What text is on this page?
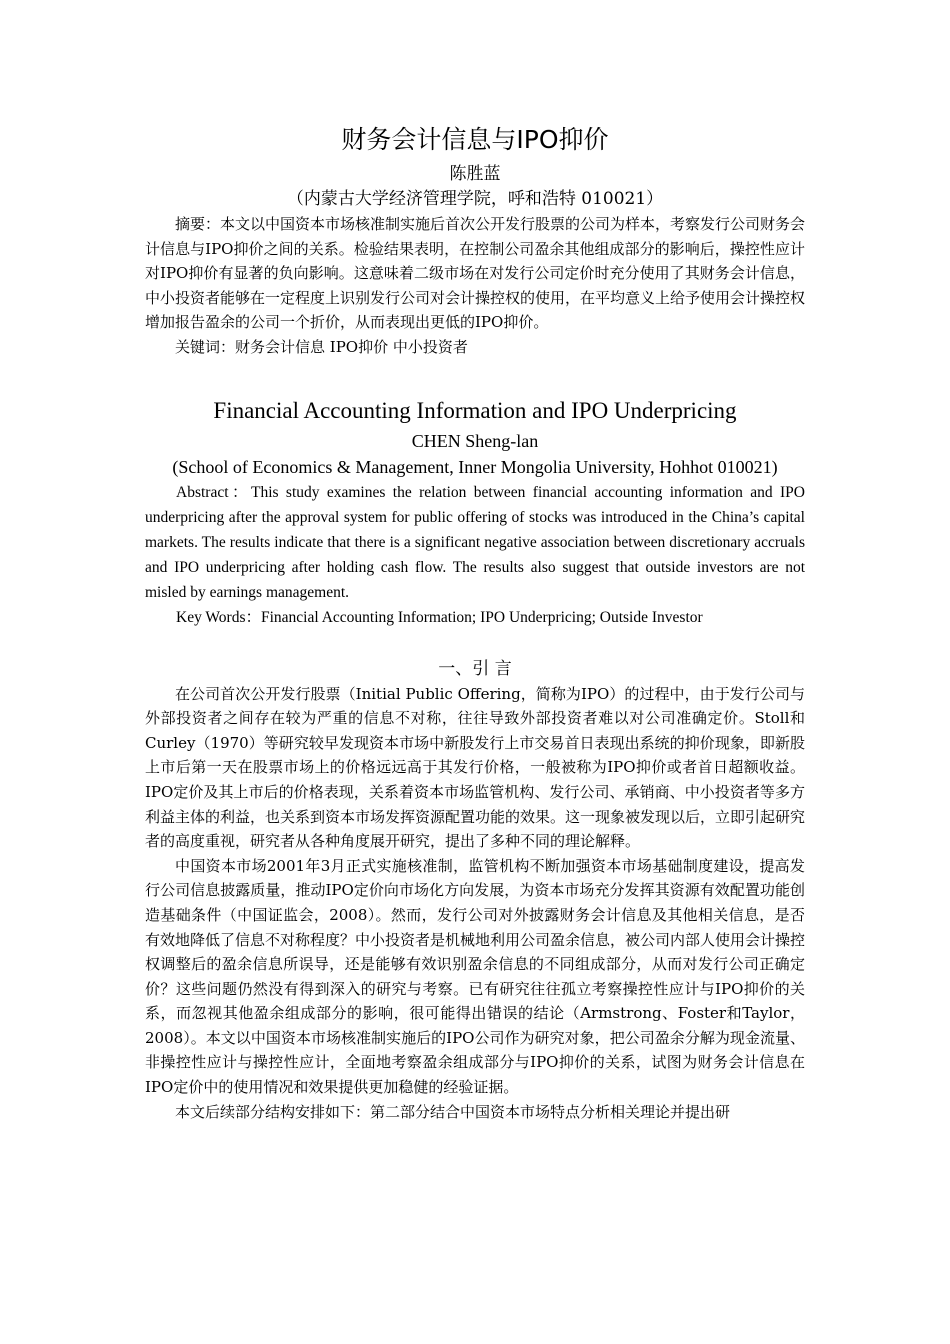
财务会计信息与IPO抑价

陈胜蓝

（内蒙古大学经济管理学院，呼和浩特 010021）

摘要：本文以中国资本市场核准制实施后首次公开发行股票的公司为样本，考察发行公司财务会计信息与IPO抑价之间的关系。检验结果表明，在控制公司盈余其他组成部分的影响后，操控性应计对IPO抑价有显著的负向影响。这意味着二级市场在对发行公司定价时充分使用了其财务会计信息，中小投资者能够在一定程度上识别发行公司对会计操控权的使用，在平均意义上给予使用会计操控权增加报告盈余的公司一个折价，从而表现出更低的IPO抑价。

关键词：财务会计信息 IPO抑价 中小投资者

Financial Accounting Information and IPO Underpricing

CHEN Sheng-lan

(School of Economics & Management, Inner Mongolia University, Hohhot 010021)

Abstract：This study examines the relation between financial accounting information and IPO underpricing after the approval system for public offering of stocks was introduced in the China’s capital markets. The results indicate that there is a significant negative association between discretionary accruals and IPO underpricing after holding cash flow. The results also suggest that outside investors are not misled by earnings management.

Key Words：Financial Accounting Information; IPO Underpricing; Outside Investor

一、引 言

在公司首次公开发行股票（Initial Public Offering，简称为IPO）的过程中，由于发行公司与外部投资者之间存在较为严重的信息不对称，往往导致外部投资者难以对公司准确定价。Stoll和Curley（1970）等研究较早发现资本市场中新股发行上市交易首日表现出系统的抑价现象，即新股上市后第一天在股票市场上的价格远远高于其发行价格，一般被称为IPO抑价或者首日超额收益。IPO定价及其上市后的价格表现，关系着资本市场监管机构、发行公司、承销商、中小投资者等多方利益主体的利益，也关系到资本市场发挥资源配置功能的效果。这一现象被发现以后，立即引起研究者的高度重视，研究者从各种角度展开研究，提出了多种不同的理论解释。

中国资本市场2001年3月正式实施核准制，监管机构不断加强资本市场基础制度建设，提高发行公司信息披露质量，推动IPO定价向市场化方向发展，为资本市场充分发挥其资源有效配置功能创造基础条件（中国证监会，2008）。然而，发行公司对外披露财务会计信息及其他相关信息，是否有效地降低了信息不对称程度？中小投资者是机械地利用公司盈余信息，被公司内部人使用会计操控权调整后的盈余信息所误导，还是能够有效识别盈余信息的不同组成部分，从而对发行公司正确定价？这些问题仍然没有得到深入的研究与考察。已有研究往往孤立考察操控性应计与IPO抑价的关系，而忽视其他盈余组成部分的影响，很可能得出错误的结论（Armstrong、Foster和Taylor，2008）。本文以中国资本市场核准制实施后的IPO公司作为研究对象，把公司盈余分解为现金流量、非操控性应计与操控性应计，全面地考察盈余组成部分与IPO抑价的关系，试图为财务会计信息在IPO定价中的使用情况和效果提供更加稳健的经验证据。

本文后续部分结构安排如下：第二部分结合中国资本市场特点分析相关理论并提出研
